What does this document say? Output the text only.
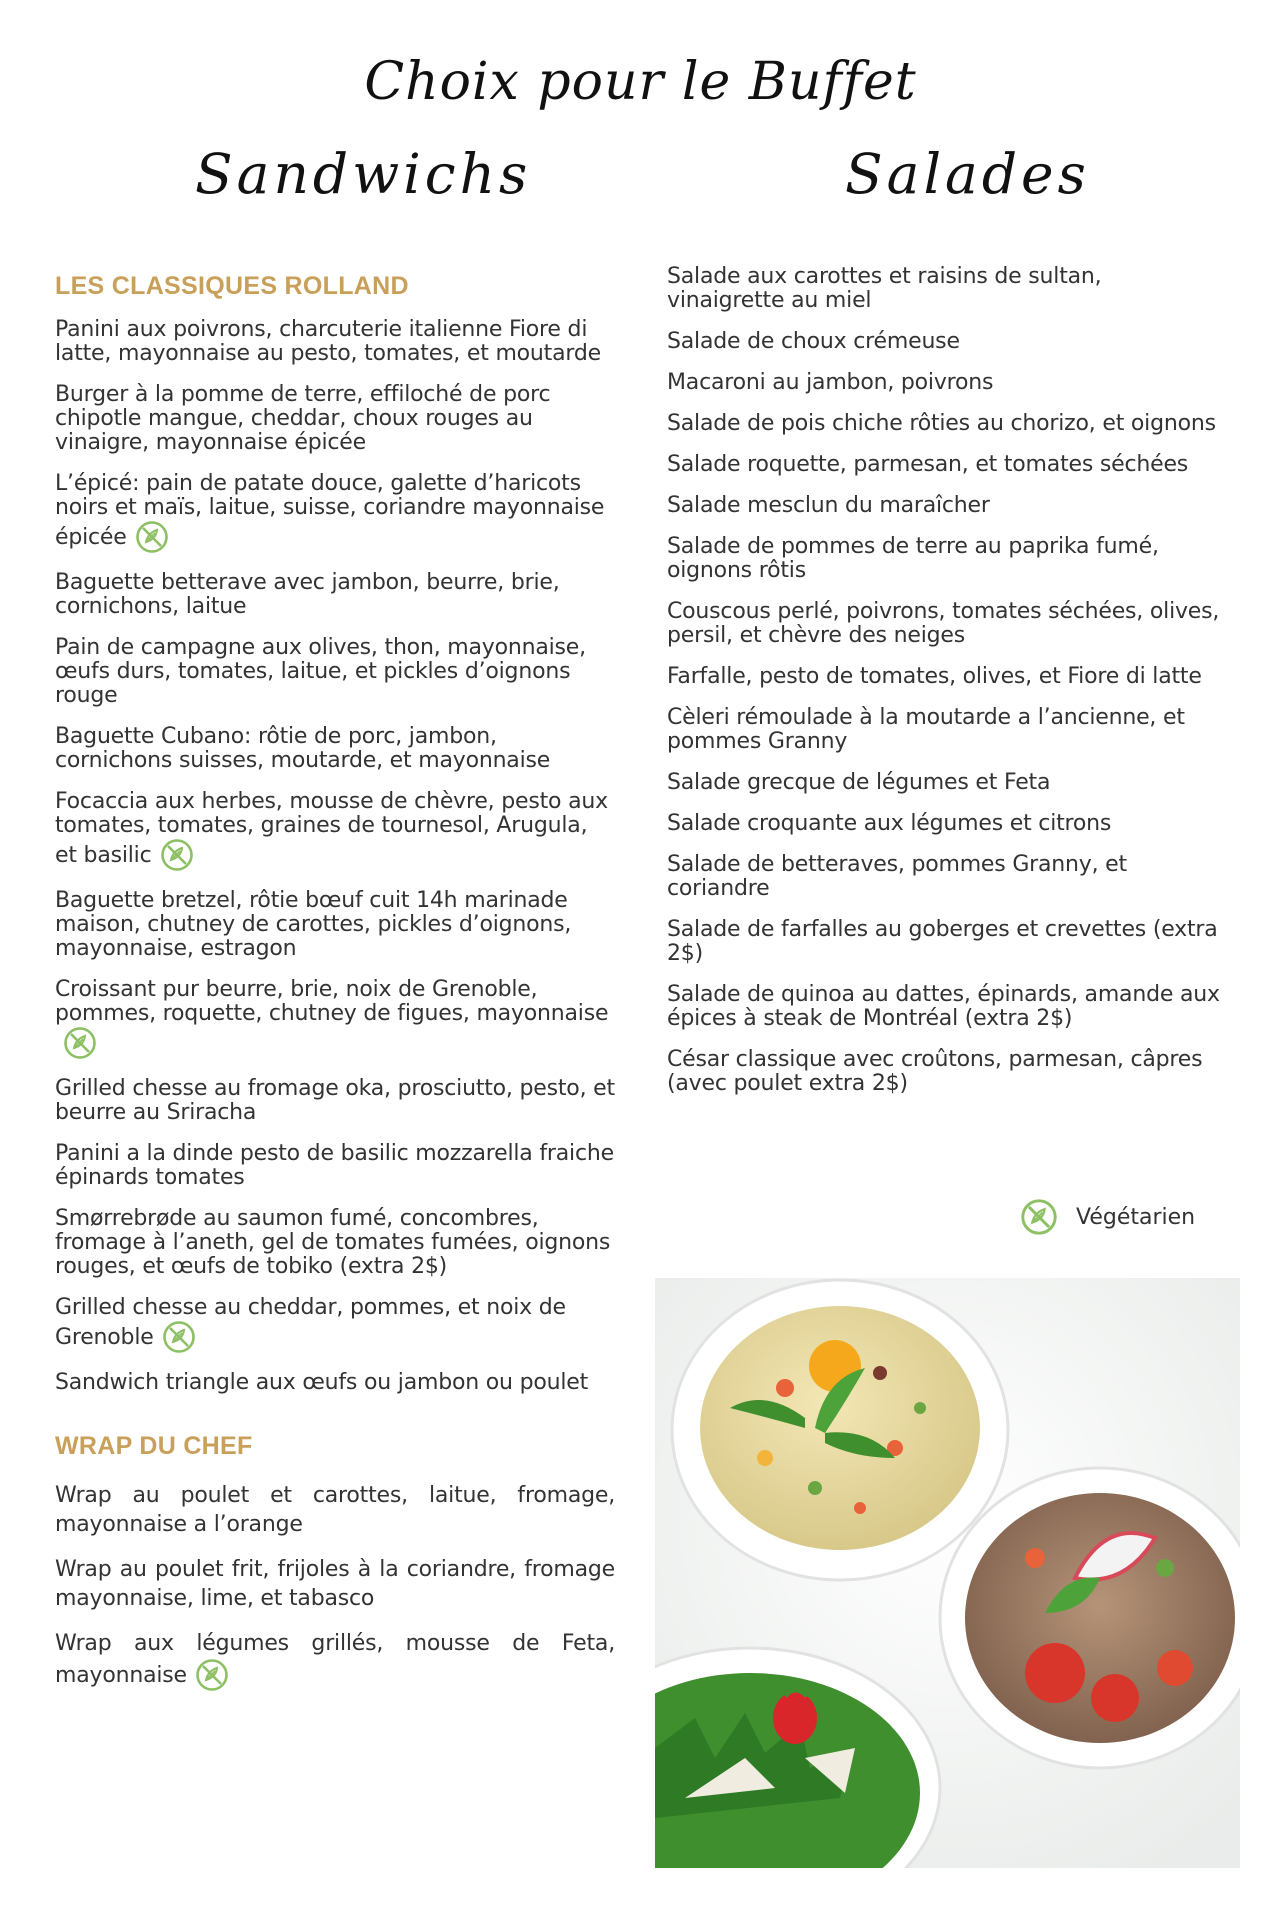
Choix pour le Buffet
Sandwichs	Salades
LES CLASSIQUES ROLLAND
Panini aux poivrons, charcuterie italienne Fiore di latte, mayonnaise au pesto, tomates, et moutarde
Burger à la pomme de terre, effiloché de porc chipotle mangue, cheddar, choux rouges au vinaigre, mayonnaise épicée
L’épicé: pain de patate douce, galette d’haricots noirs et maïs, laitue, suisse, coriandre mayonnaise épicée
Baguette betterave avec jambon, beurre, brie, cornichons, laitue
Pain de campagne aux olives, thon, mayonnaise, œufs durs, tomates, laitue, et pickles d’oignons rouge
Baguette Cubano: rôtie de porc, jambon, cornichons suisses, moutarde, et mayonnaise
Focaccia aux herbes, mousse de chèvre, pesto aux tomates, tomates, graines de tournesol, Arugula, et basilic
Baguette bretzel, rôtie bœuf cuit 14h marinade maison, chutney de carottes, pickles d’oignons, mayonnaise, estragon
Croissant pur beurre, brie, noix de Grenoble, pommes, roquette, chutney de figues, mayonnaise
Grilled chesse au fromage oka, prosciutto, pesto, et beurre au Sriracha
Panini a la dinde pesto de basilic mozzarella fraiche épinards tomates
Smørrebrøde au saumon fumé, concombres, fromage à l’aneth, gel de tomates fumées, oignons rouges, et œufs de tobiko (extra 2$)
Grilled chesse au cheddar, pommes, et noix de Grenoble
Sandwich triangle aux œufs ou jambon ou poulet
WRAP DU CHEF
Wrap au poulet et carottes, laitue, fromage, mayonnaise a l’orange
Wrap au poulet frit, frijoles à la coriandre, fromage mayonnaise, lime, et tabasco
Wrap aux légumes grillés, mousse de Feta, mayonnaise
Salade aux carottes et raisins de sultan, vinaigrette au miel
Salade de choux crémeuse
Macaroni au jambon, poivrons
Salade de pois chiche rôties au chorizo, et oignons
Salade roquette, parmesan, et tomates séchées
Salade mesclun du maraîcher
Salade de pommes de terre au paprika fumé, oignons rôtis
Couscous perlé, poivrons, tomates séchées, olives, persil, et chèvre des neiges
Farfalle, pesto de tomates, olives, et Fiore di latte
Cèleri rémoulade à la moutarde a l’ancienne, et pommes Granny
Salade grecque de légumes et Feta
Salade croquante aux légumes et citrons
Salade de betteraves, pommes Granny, et coriandre
Salade de farfalles au goberges et crevettes (extra 2$)
Salade de quinoa au dattes, épinards, amande aux épices à steak de Montréal (extra 2$)
César classique avec croûtons, parmesan, câpres (avec poulet extra 2$)
Végétarien
